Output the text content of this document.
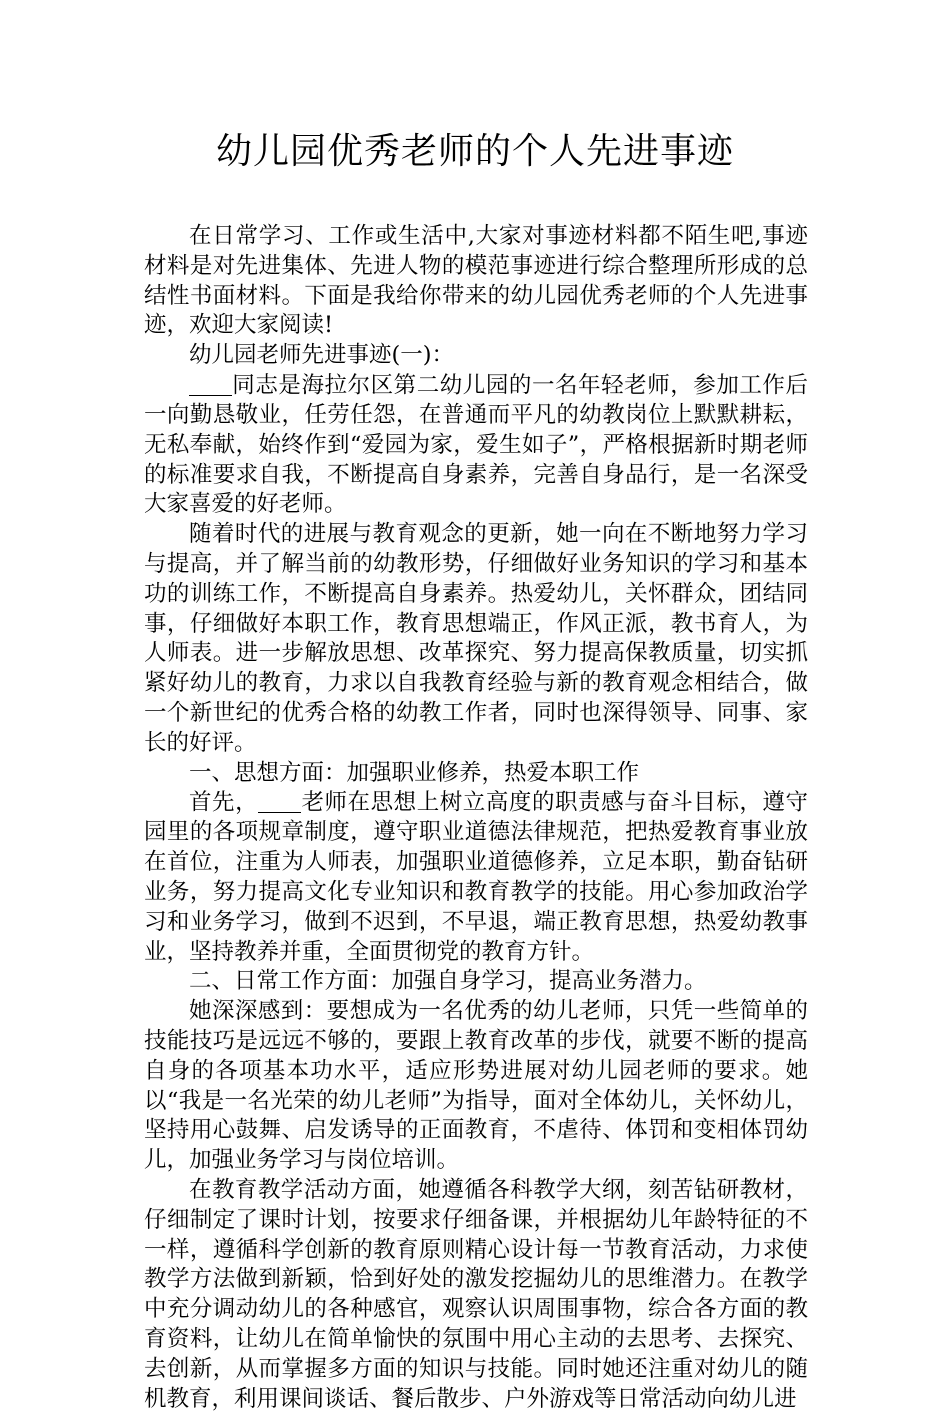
幼儿园优秀老师的个人先进事迹

在日常学习、工作或生活中,大家对事迹材料都不陌生吧,事迹材料是对先进集体、先进人物的模范事迹进行综合整理所形成的总结性书面材料。下面是我给你带来的幼儿园优秀老师的个人先进事迹，欢迎大家阅读!

幼儿园老师先进事迹(一)：

同志是海拉尔区第二幼儿园的一名年轻老师，参加工作后一向勤恳敬业，任劳任怨，在普通而平凡的幼教岗位上默默耕耘，无私奉献，始终作到“爱园为家，爱生如子”，严格根据新时期老师的标准要求自我，不断提高自身素养，完善自身品行，是一名深受大家喜爱的好老师。

随着时代的进展与教育观念的更新，她一向在不断地努力学习与提高，并了解当前的幼教形势，仔细做好业务知识的学习和基本功的训练工作，不断提高自身素养。热爱幼儿，关怀群众，团结同事，仔细做好本职工作，教育思想端正，作风正派，教书育人，为人师表。进一步解放思想、改革探究、努力提高保教质量，切实抓紧好幼儿的教育，力求以自我教育经验与新的教育观念相结合，做一个新世纪的优秀合格的幼教工作者，同时也深得领导、同事、家长的好评。

一、思想方面：加强职业修养，热爱本职工作

首先， 老师在思想上树立高度的职责感与奋斗目标，遵守园里的各项规章制度，遵守职业道德法律规范，把热爱教育事业放在首位，注重为人师表，加强职业道德修养，立足本职，勤奋钻研业务，努力提高文化专业知识和教育教学的技能。用心参加政治学习和业务学习，做到不迟到，不早退，端正教育思想，热爱幼教事业，坚持教养并重，全面贯彻党的教育方针。

二、日常工作方面：加强自身学习，提高业务潜力。

她深深感到：要想成为一名优秀的幼儿老师，只凭一些简单的技能技巧是远远不够的，要跟上教育改革的步伐，就要不断的提高自身的各项基本功水平，适应形势进展对幼儿园老师的要求。她以“我是一名光荣的幼儿老师”为指导，面对全体幼儿，关怀幼儿，坚持用心鼓舞、启发诱导的正面教育，不虐待、体罚和变相体罚幼儿，加强业务学习与岗位培训。

在教育教学活动方面，她遵循各科教学大纲，刻苦钻研教材，仔细制定了课时计划，按要求仔细备课，并根据幼儿年龄特征的不一样，遵循科学创新的教育原则精心设计每一节教育活动，力求使教学方法做到新颖，恰到好处的激发挖掘幼儿的思维潜力。在教学中充分调动幼儿的各种感官，观察认识周围事物，综合各方面的教育资料，让幼儿在简单愉快的氛围中用心主动的去思考、去探究、去创新，从而掌握多方面的知识与技能。同时她还注重对幼儿的随机教育，利用课间谈话、餐后散步、户外游戏等日常活动向幼儿进
